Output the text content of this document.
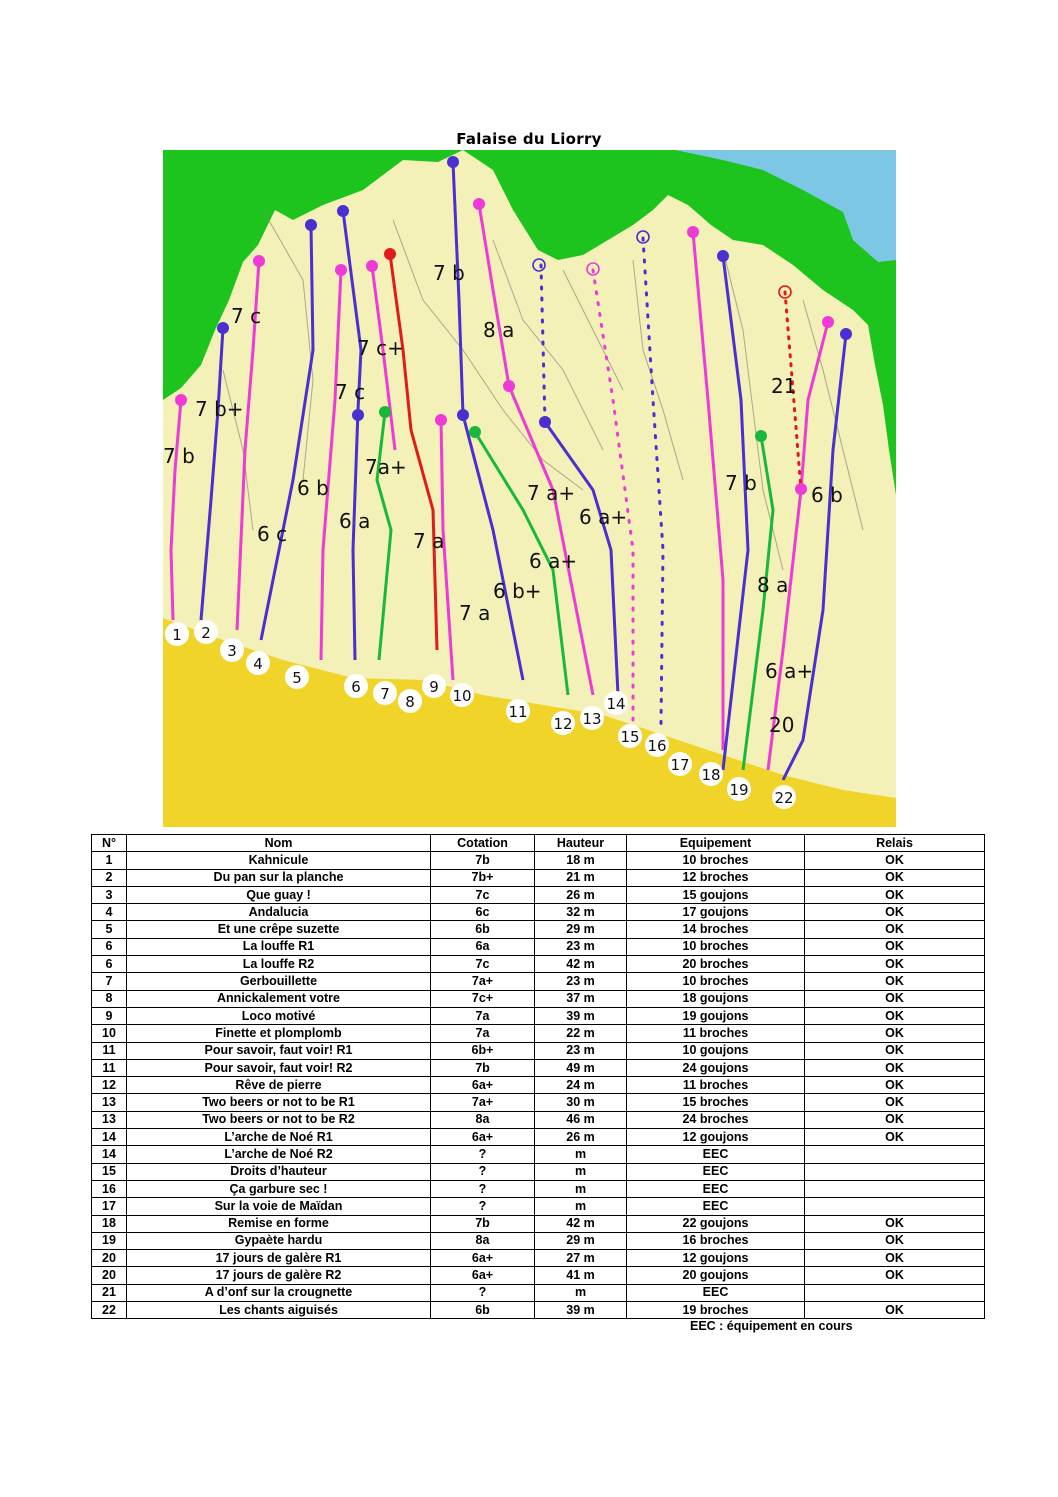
Falaise du Liorry
7 b
7 b+
7 c
7 c+
7 c
7 b
8 a
7a+
6 b
6 c
6 a
7 a
7 a
6 b+
6 a+
7 a+
6 a+
21
7 b	6 b
8 a
6 a+
20
1 2
3
4
5	6 7 8
9 10
11
12 13
14
15 16
17
18
19 22
N°	Nom	Cotation	Hauteur	Equipement	Relais
1	Kahnicule	7b	18 m	10 broches	OK
2	Du pan sur la planche	7b+	21 m	12 broches	OK
3	Que guay !	7c	26 m	15 goujons	OK
4	Andalucia	6c	32 m	17 goujons	OK
5	Et une crêpe suzette	6b	29 m	14 broches	OK
6	La louffe R1	6a	23 m	10 broches	OK
6	La louffe R2	7c	42 m	20 broches	OK
7	Gerbouillette	7a+	23 m	10 broches	OK
8	Annickalement votre	7c+	37 m	18 goujons	OK
9	Loco motivé	7a	39 m	19 goujons	OK
10	Finette et plomplomb	7a	22 m	11 broches	OK
11	Pour savoir, faut voir! R1	6b+	23 m	10 goujons	OK
11	Pour savoir, faut voir! R2	7b	49 m	24 goujons	OK
12	Rêve de pierre	6a+	24 m	11 broches	OK
13	Two beers or not to be R1	7a+	30 m	15 broches	OK
13	Two beers or not to be R2	8a	46 m	24 broches	OK
14	L’arche de Noé R1	6a+	26 m	12 goujons	OK
14	L’arche de Noé R2	?	m	EEC	
15	Droits d’hauteur	?	m	EEC	
16	Ça garbure sec !	?	m	EEC	
17	Sur la voie de Maïdan	?	m	EEC	
18	Remise en forme	7b	42 m	22 goujons	OK
19	Gypaète hardu	8a	29 m	16 broches	OK
20	17 jours de galère R1	6a+	27 m	12 goujons	OK
20	17 jours de galère R2	6a+	41 m	20 goujons	OK
21	A d’onf sur la crougnette	?	m	EEC	
22	Les chants aiguisés	6b	39 m	19 broches	OK
EEC : équipement en cours
